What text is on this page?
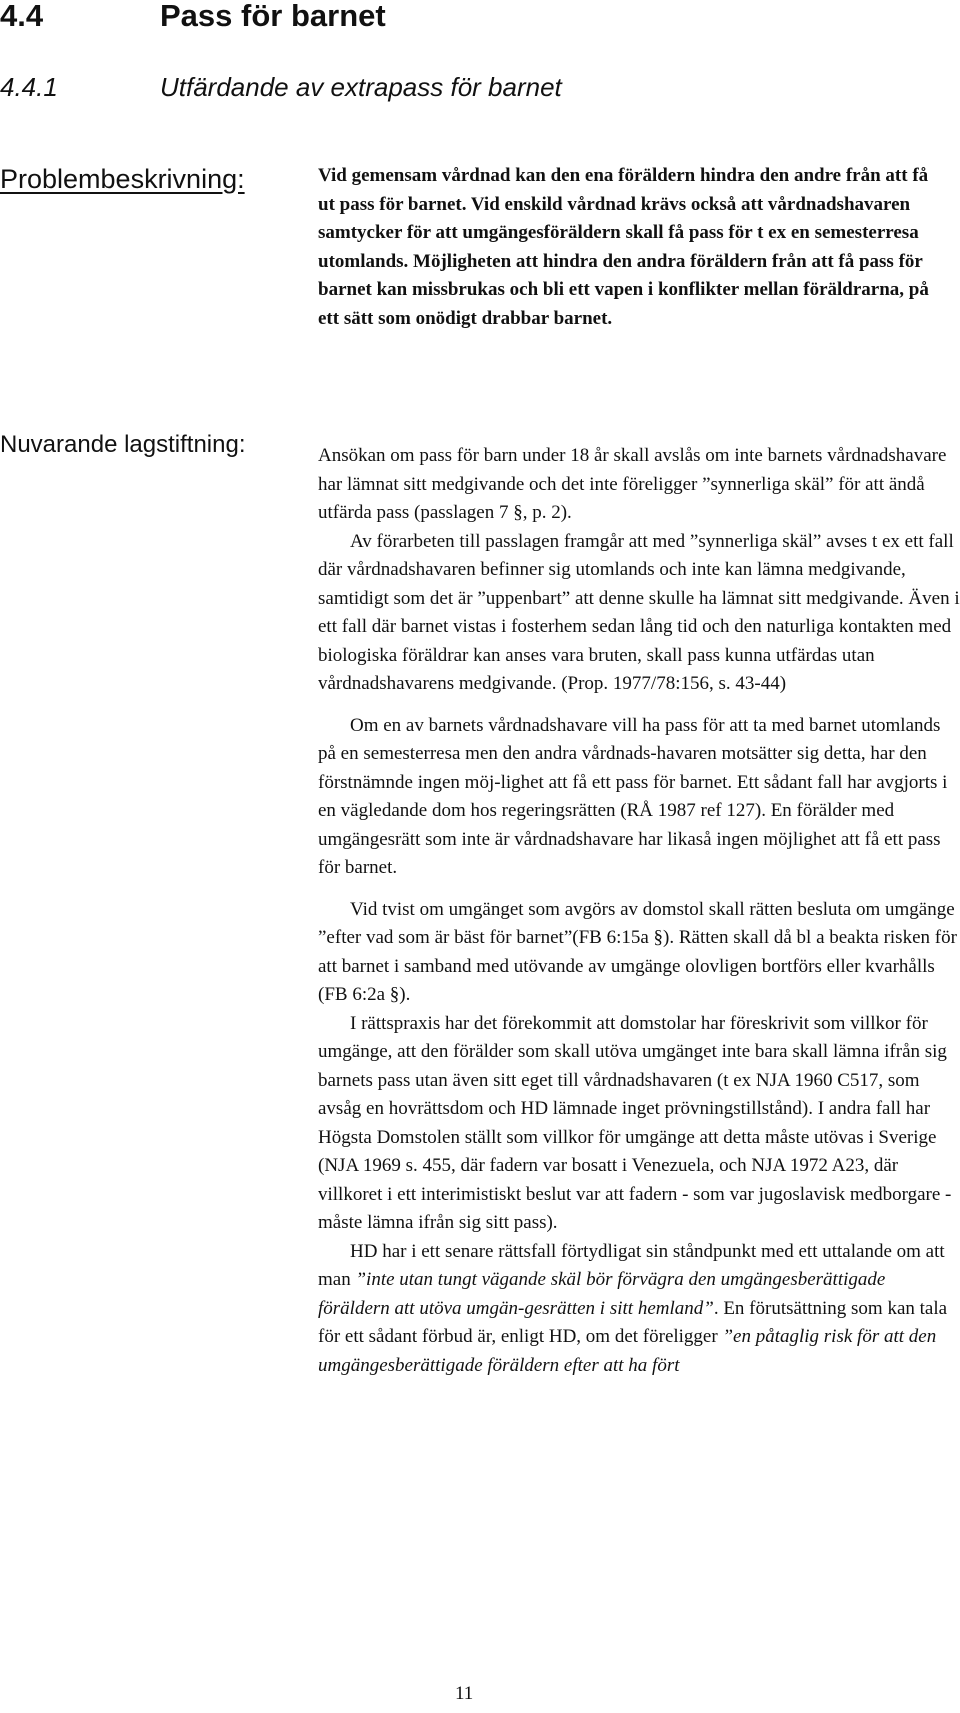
4.4	Pass för barnet
4.4.1	Utfärdande av extrapass för barnet
Problembeskrivning:	Vid gemensam vårdnad kan den ena föräldern hindra den andre från att få ut pass för barnet. Vid enskild vårdnad krävs också att vårdnadshavaren samtycker för att umgängesföräldern skall få pass för t ex en semesterresa utomlands. Möjligheten att hindra den andra föräldern från att få pass för barnet kan missbrukas och bli ett vapen i konflikter mellan föräldrarna, på ett sätt som onödigt drabbar barnet.

Nuvarande lagstiftning:	Ansökan om pass för barn under 18 år skall avslås om inte barnets vårdnadshavare har lämnat sitt medgivande och det inte föreligger ”synnerliga skäl” för att ändå utfärda pass (passlagen 7 §, p. 2).

Av förarbeten till passlagen framgår att med ”synnerliga skäl” avses t ex ett fall där vårdnadshavaren befinner sig utomlands och inte kan lämna medgivande, samtidigt som det är ”uppenbart” att denne skulle ha lämnat sitt medgivande. Även i ett fall där barnet vistas i fosterhem sedan lång tid och den naturliga kontakten med biologiska föräldrar kan anses vara bruten, skall pass kunna utfärdas utan vårdnadshavarens medgivande. (Prop. 1977/78:156, s. 43-44)

Om en av barnets vårdnadshavare vill ha pass för att ta med barnet utomlands på en semesterresa men den andra vårdnads-havaren motsätter sig detta, har den förstnämnde ingen möj-lighet att få ett pass för barnet. Ett sådant fall har avgjorts i en vägledande dom hos regeringsrätten (RÅ 1987 ref 127). En förälder med umgängesrätt som inte är vårdnadshavare har likaså ingen möjlighet att få ett pass för barnet.

Vid tvist om umgänget som avgörs av domstol skall rätten besluta om umgänge ”efter vad som är bäst för barnet”(FB 6:15a §). Rätten skall då bl a beakta risken för att barnet i samband med utövande av umgänge olovligen bortförs eller kvarhålls (FB 6:2a §).

I rättspraxis har det förekommit att domstolar har föreskrivit som villkor för umgänge, att den förälder som skall utöva umgänget inte bara skall lämna ifrån sig barnets pass utan även sitt eget till vårdnadshavaren (t ex NJA 1960 C517, som avsåg en hovrättsdom och HD lämnade inget prövningstillstånd). I andra fall har Högsta Domstolen ställt som villkor för umgänge att detta måste utövas i Sverige (NJA 1969 s. 455, där fadern var bosatt i Venezuela, och NJA 1972 A23, där villkoret i ett interimistiskt beslut var att fadern - som var jugoslavisk medborgare - måste lämna ifrån sig sitt pass).

HD har i ett senare rättsfall förtydligat sin ståndpunkt med ett uttalande om att man ”inte utan tungt vägande skäl bör förvägra den umgängesberättigade föräldern att utöva umgän-gesrätten i sitt hemland”. En förutsättning som kan tala för ett sådant förbud är, enligt HD, om det föreligger ”en påtaglig risk för att den umgängesberättigade föräldern efter att ha fört

11
